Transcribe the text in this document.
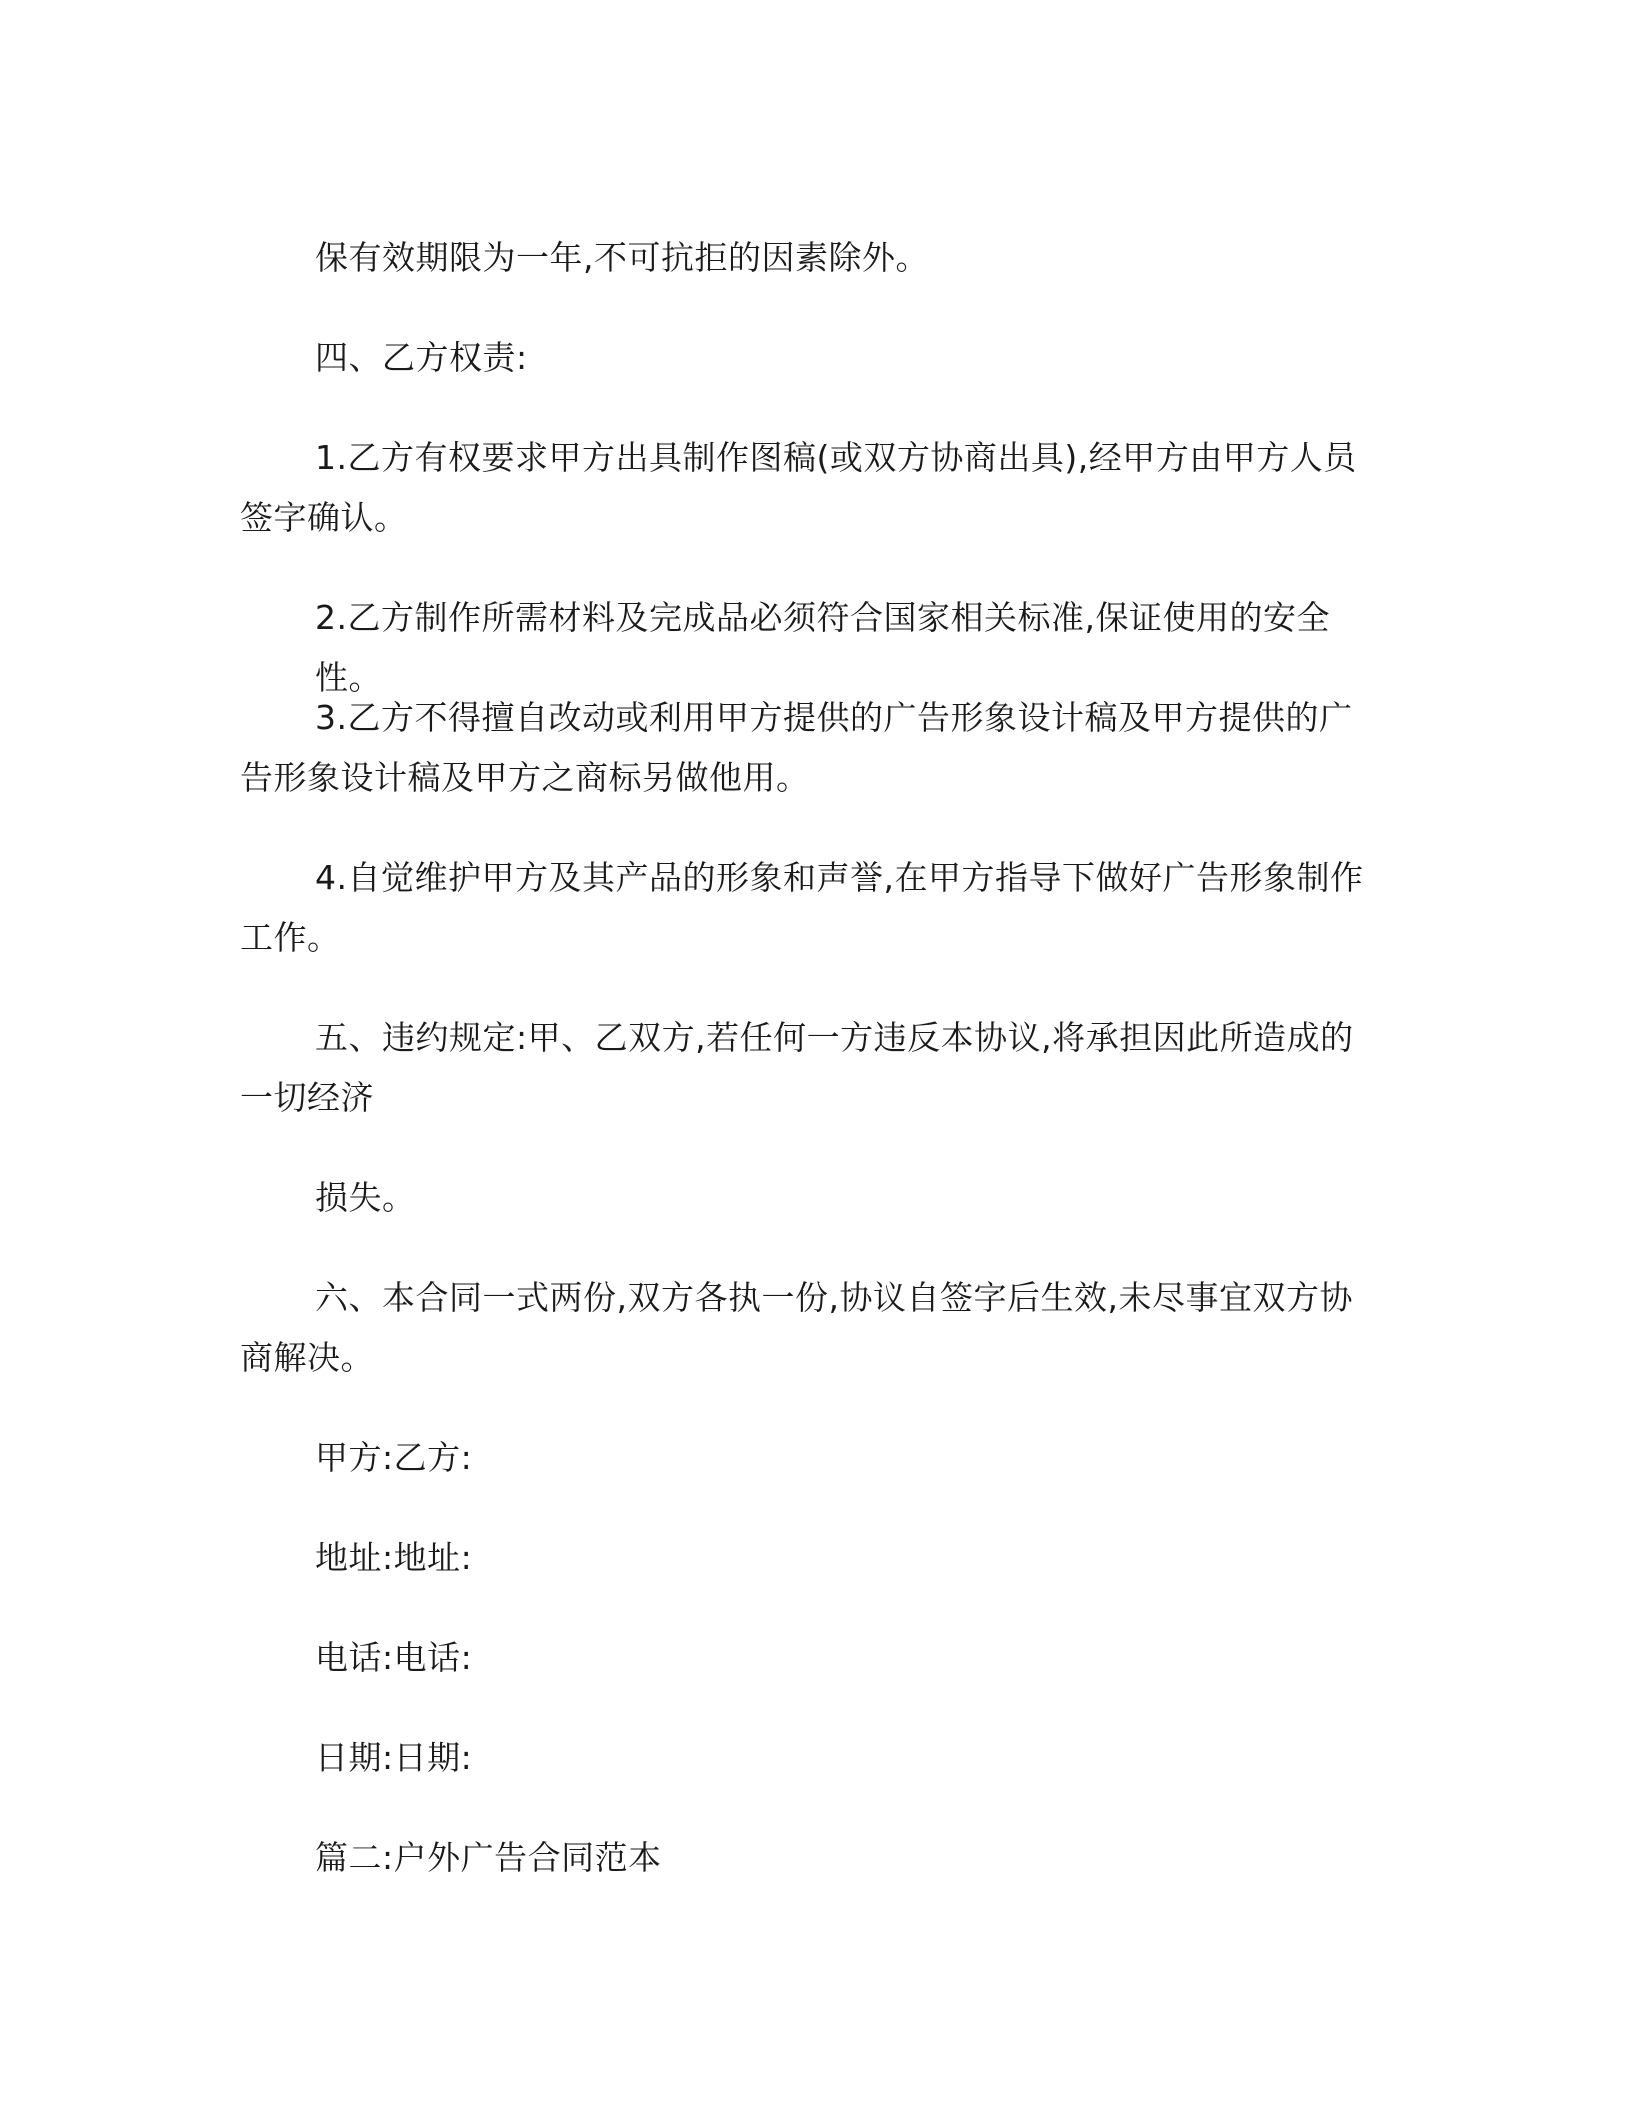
保有效期限为一年,不可抗拒的因素除外。

四、乙方权责:

1.乙方有权要求甲方出具制作图稿(或双方协商出具),经甲方由甲方人员签字确认。

2.乙方制作所需材料及完成品必须符合国家相关标准,保证使用的安全性。

3.乙方不得擅自改动或利用甲方提供的广告形象设计稿及甲方提供的广告形象设计稿及甲方之商标另做他用。

4.自觉维护甲方及其产品的形象和声誉,在甲方指导下做好广告形象制作工作。

五、违约规定:甲、乙双方,若任何一方违反本协议,将承担因此所造成的一切经济

损失。

六、本合同一式两份,双方各执一份,协议自签字后生效,未尽事宜双方协商解决。

甲方:乙方:

地址:地址:

电话:电话:

日期:日期:

篇二:户外广告合同范本
